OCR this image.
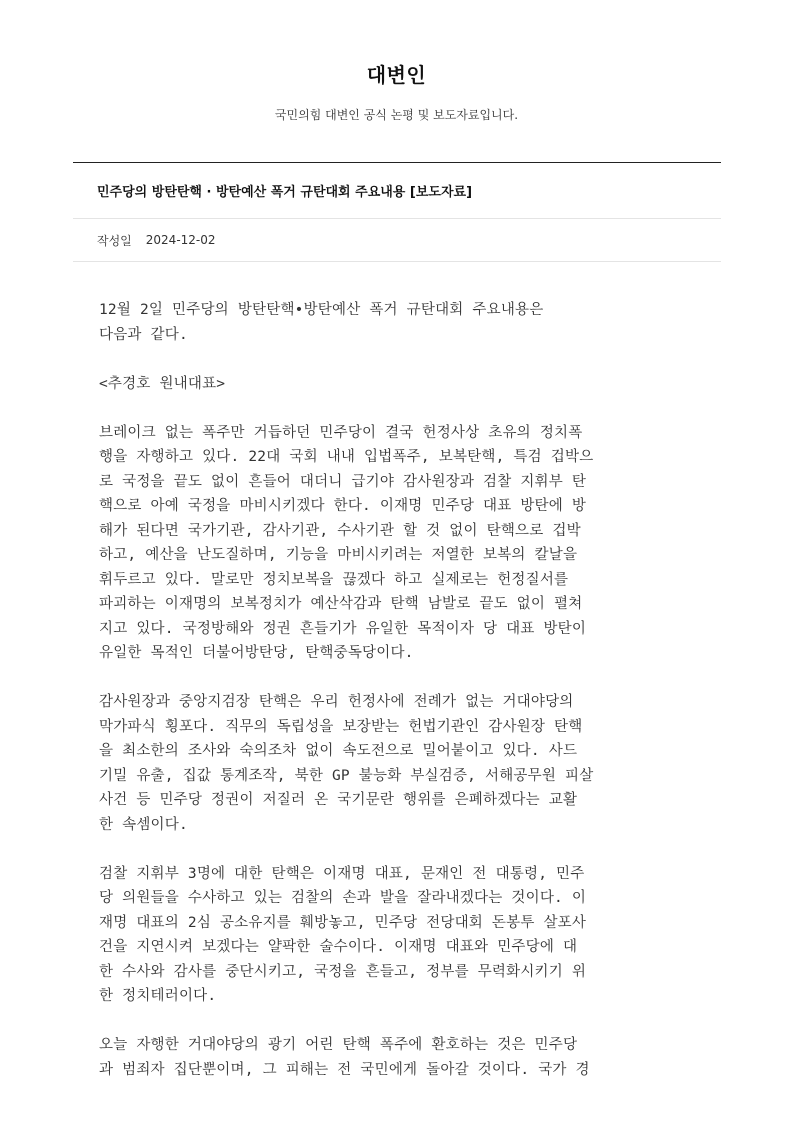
대변인
국민의힘 대변인 공식 논평 및 보도자료입니다.
민주당의 방탄탄핵 · 방탄예산 폭거 규탄대회 주요내용 [보도자료]
작성일 2024-12-02

12월 2일 민주당의 방탄탄핵•방탄예산 폭거 규탄대회 주요내용은
다음과 같다.

<추경호 원내대표>

브레이크 없는 폭주만 거듭하던 민주당이 결국 헌정사상 초유의 정치폭
행을 자행하고 있다. 22대 국회 내내 입법폭주, 보복탄핵, 특검 겁박으
로 국정을 끝도 없이 흔들어 대더니 급기야 감사원장과 검찰 지휘부 탄
핵으로 아예 국정을 마비시키겠다 한다. 이재명 민주당 대표 방탄에 방
해가 된다면 국가기관, 감사기관, 수사기관 할 것 없이 탄핵으로 겁박
하고, 예산을 난도질하며, 기능을 마비시키려는 저열한 보복의 칼날을
휘두르고 있다. 말로만 정치보복을 끊겠다 하고 실제로는 헌정질서를
파괴하는 이재명의 보복정치가 예산삭감과 탄핵 남발로 끝도 없이 펼쳐
지고 있다. 국정방해와 정권 흔들기가 유일한 목적이자 당 대표 방탄이
유일한 목적인 더불어방탄당, 탄핵중독당이다.

감사원장과 중앙지검장 탄핵은 우리 헌정사에 전례가 없는 거대야당의
막가파식 횡포다. 직무의 독립성을 보장받는 헌법기관인 감사원장 탄핵
을 최소한의 조사와 숙의조차 없이 속도전으로 밀어붙이고 있다. 사드
기밀 유출, 집값 통계조작, 북한 GP 불능화 부실검증, 서해공무원 피살
사건 등 민주당 정권이 저질러 온 국기문란 행위를 은폐하겠다는 교활
한 속셈이다.

검찰 지휘부 3명에 대한 탄핵은 이재명 대표, 문재인 전 대통령, 민주
당 의원들을 수사하고 있는 검찰의 손과 발을 잘라내겠다는 것이다. 이
재명 대표의 2심 공소유지를 훼방놓고, 민주당 전당대회 돈봉투 살포사
건을 지연시켜 보겠다는 얄팍한 술수이다. 이재명 대표와 민주당에 대
한 수사와 감사를 중단시키고, 국정을 흔들고, 정부를 무력화시키기 위
한 정치테러이다.

오늘 자행한 거대야당의 광기 어린 탄핵 폭주에 환호하는 것은 민주당
과 범죄자 집단뿐이며, 그 피해는 전 국민에게 돌아갈 것이다. 국가 경
